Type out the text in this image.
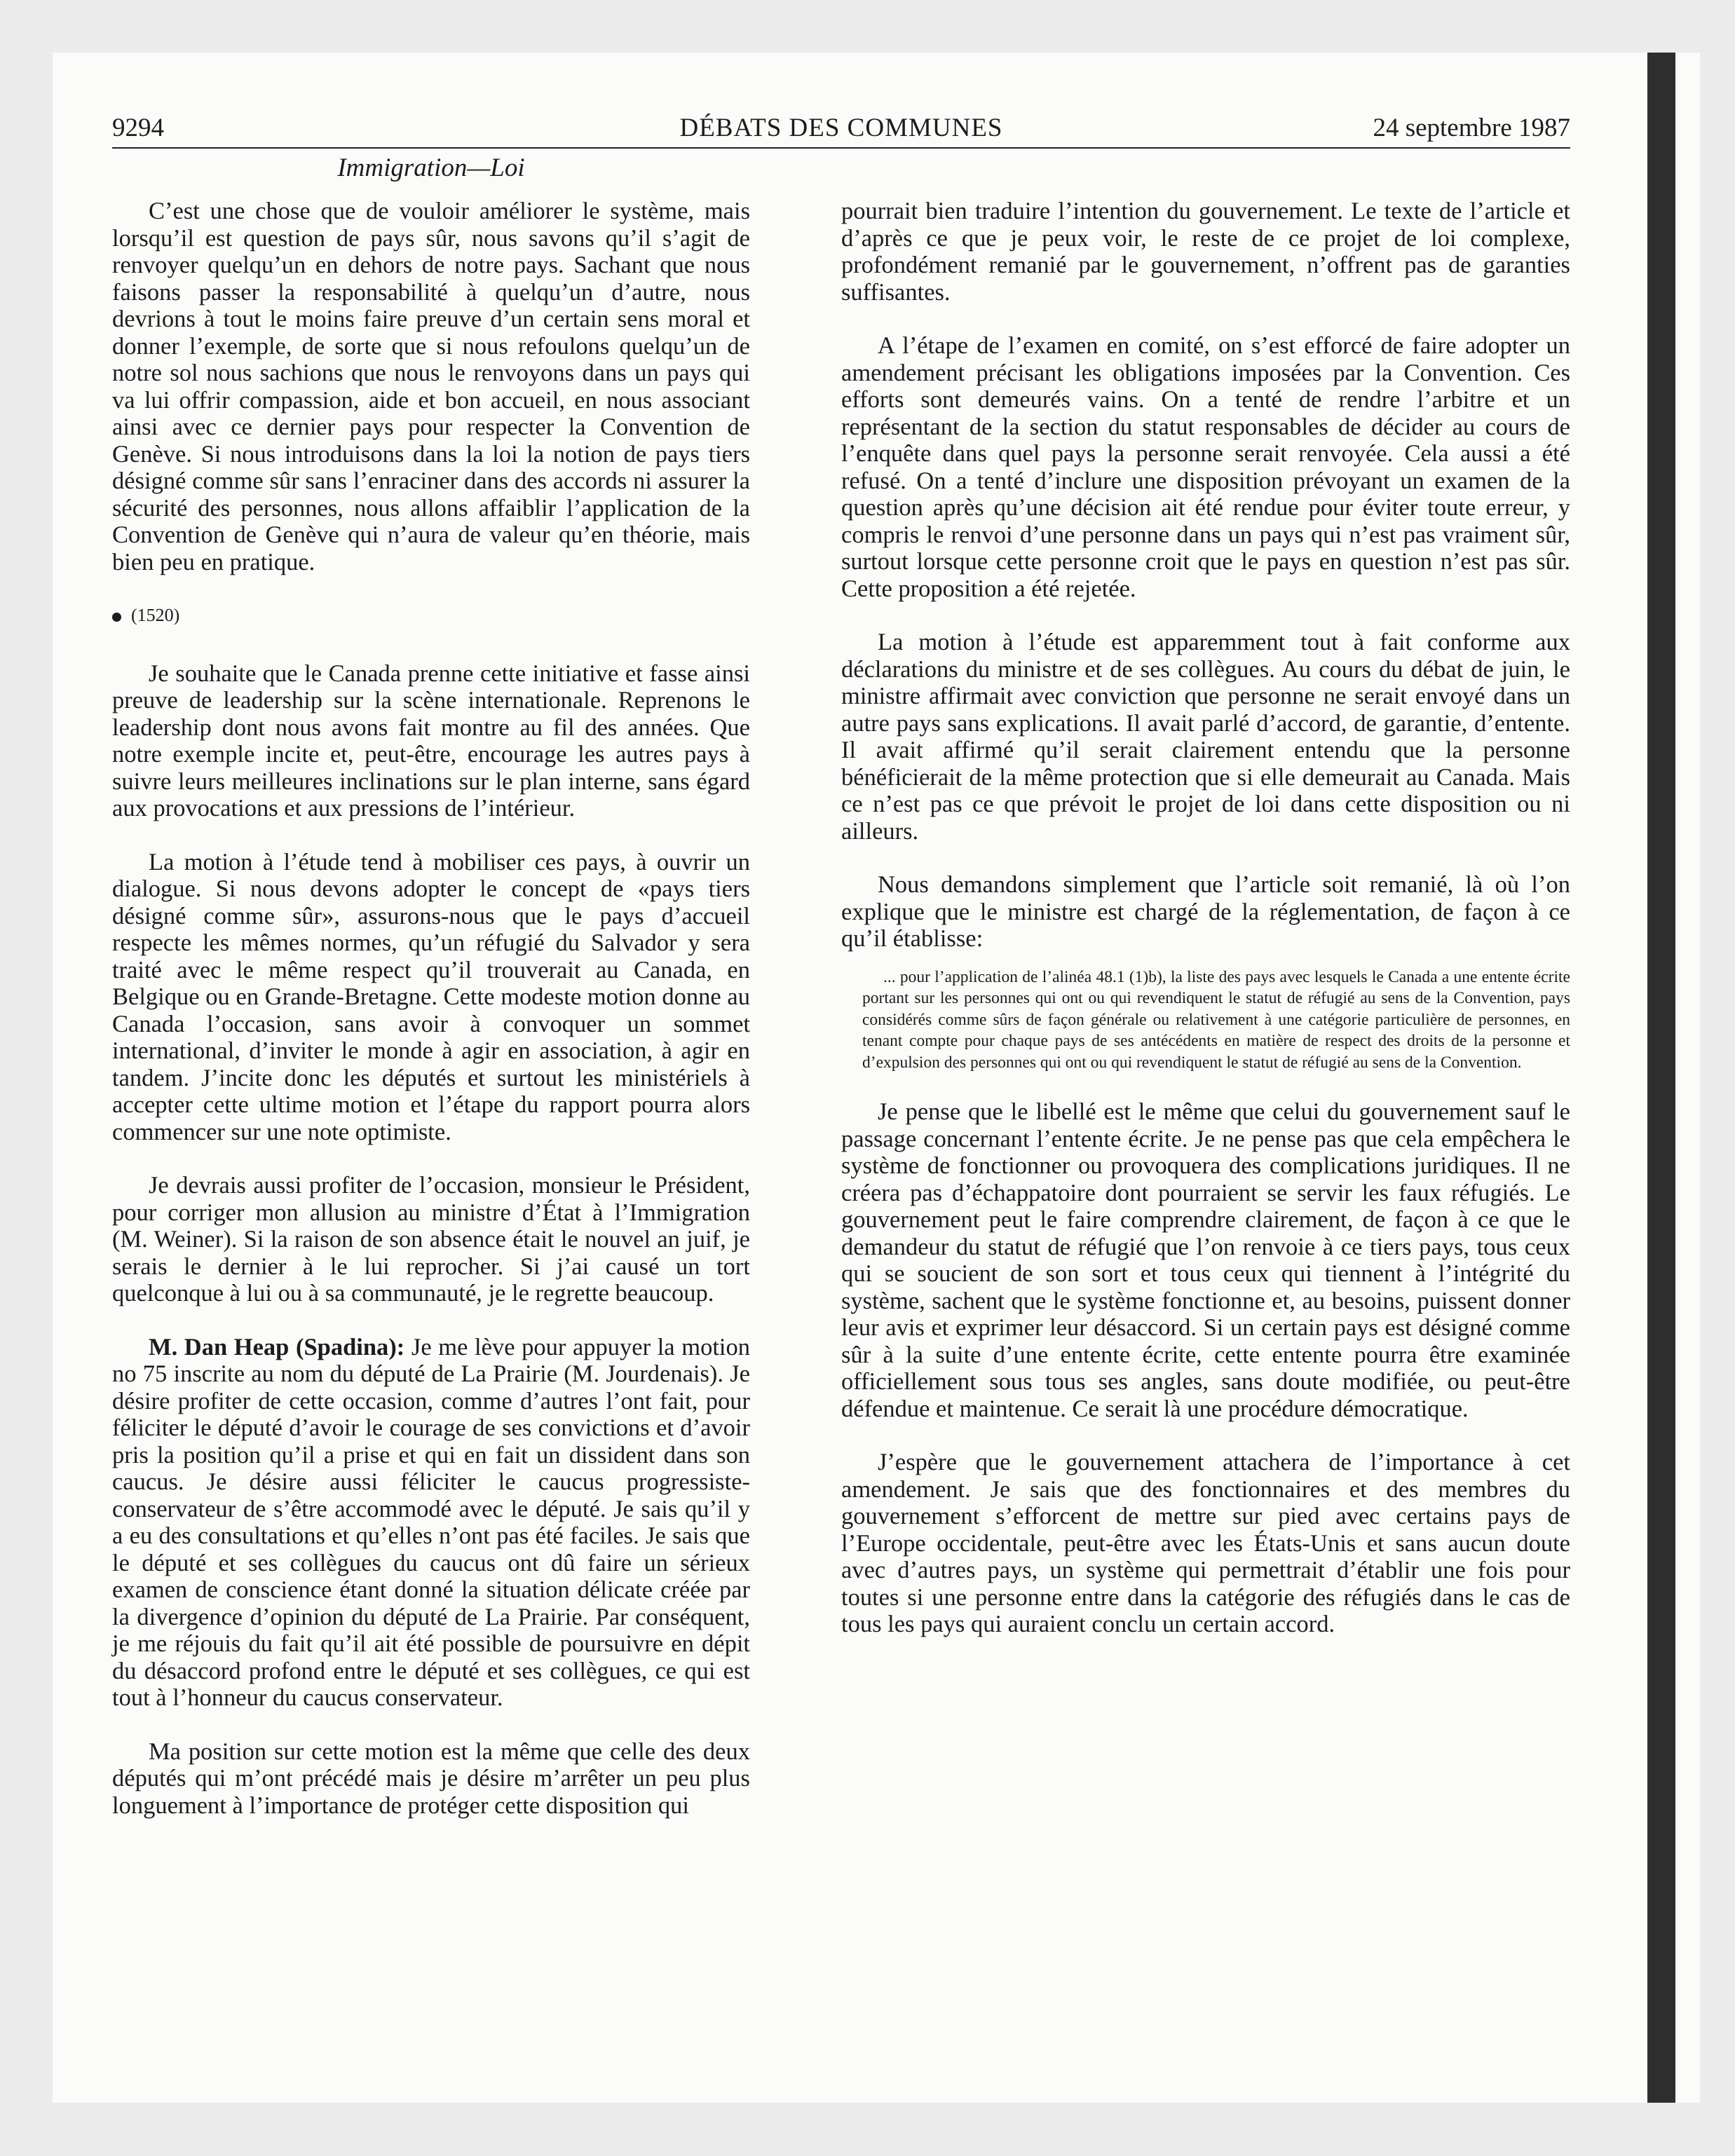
9294	DÉBATS DES COMMUNES	24 septembre 1987
Immigration—Loi

C’est une chose que de vouloir améliorer le système, mais lorsqu’il est question de pays sûr, nous savons qu’il s’agit de renvoyer quelqu’un en dehors de notre pays. Sachant que nous faisons passer la responsabilité à quelqu’un d’autre, nous devrions à tout le moins faire preuve d’un certain sens moral et donner l’exemple, de sorte que si nous refoulons quelqu’un de notre sol nous sachions que nous le renvoyons dans un pays qui va lui offrir compassion, aide et bon accueil, en nous associant ainsi avec ce dernier pays pour respecter la Convention de Genève. Si nous introduisons dans la loi la notion de pays tiers désigné comme sûr sans l’enraciner dans des accords ni assurer la sécurité des personnes, nous allons affaiblir l’application de la Convention de Genève qui n’aura de valeur qu’en théorie, mais bien peu en pratique.

(1520)

Je souhaite que le Canada prenne cette initiative et fasse ainsi preuve de leadership sur la scène internationale. Reprenons le leadership dont nous avons fait montre au fil des années. Que notre exemple incite et, peut-être, encourage les autres pays à suivre leurs meilleures inclinations sur le plan interne, sans égard aux provocations et aux pressions de l’intérieur.

La motion à l’étude tend à mobiliser ces pays, à ouvrir un dialogue. Si nous devons adopter le concept de «pays tiers désigné comme sûr», assurons-nous que le pays d’accueil respecte les mêmes normes, qu’un réfugié du Salvador y sera traité avec le même respect qu’il trouverait au Canada, en Belgique ou en Grande-Bretagne. Cette modeste motion donne au Canada l’occasion, sans avoir à convoquer un sommet international, d’inviter le monde à agir en association, à agir en tandem. J’incite donc les députés et surtout les ministériels à accepter cette ultime motion et l’étape du rapport pourra alors commencer sur une note optimiste.

Je devrais aussi profiter de l’occasion, monsieur le Président, pour corriger mon allusion au ministre d’État à l’Immigration (M. Weiner). Si la raison de son absence était le nouvel an juif, je serais le dernier à le lui reprocher. Si j’ai causé un tort quelconque à lui ou à sa communauté, je le regrette beaucoup.

M. Dan Heap (Spadina): Je me lève pour appuyer la motion no 75 inscrite au nom du député de La Prairie (M. Jourdenais). Je désire profiter de cette occasion, comme d’autres l’ont fait, pour féliciter le député d’avoir le courage de ses convictions et d’avoir pris la position qu’il a prise et qui en fait un dissident dans son caucus. Je désire aussi féliciter le caucus progressiste-conservateur de s’être accommodé avec le député. Je sais qu’il y a eu des consultations et qu’elles n’ont pas été faciles. Je sais que le député et ses collègues du caucus ont dû faire un sérieux examen de conscience étant donné la situation délicate créée par la divergence d’opinion du député de La Prairie. Par conséquent, je me réjouis du fait qu’il ait été possible de poursuivre en dépit du désaccord profond entre le député et ses collègues, ce qui est tout à l’honneur du caucus conservateur.

Ma position sur cette motion est la même que celle des deux députés qui m’ont précédé mais je désire m’arrêter un peu plus longuement à l’importance de protéger cette disposition qui

pourrait bien traduire l’intention du gouvernement. Le texte de l’article et d’après ce que je peux voir, le reste de ce projet de loi complexe, profondément remanié par le gouvernement, n’offrent pas de garanties suffisantes.

A l’étape de l’examen en comité, on s’est efforcé de faire adopter un amendement précisant les obligations imposées par la Convention. Ces efforts sont demeurés vains. On a tenté de rendre l’arbitre et un représentant de la section du statut responsables de décider au cours de l’enquête dans quel pays la personne serait renvoyée. Cela aussi a été refusé. On a tenté d’inclure une disposition prévoyant un examen de la question après qu’une décision ait été rendue pour éviter toute erreur, y compris le renvoi d’une personne dans un pays qui n’est pas vraiment sûr, surtout lorsque cette personne croit que le pays en question n’est pas sûr. Cette proposition a été rejetée.

La motion à l’étude est apparemment tout à fait conforme aux déclarations du ministre et de ses collègues. Au cours du débat de juin, le ministre affirmait avec conviction que personne ne serait envoyé dans un autre pays sans explications. Il avait parlé d’accord, de garantie, d’entente. Il avait affirmé qu’il serait clairement entendu que la personne bénéficierait de la même protection que si elle demeurait au Canada. Mais ce n’est pas ce que prévoit le projet de loi dans cette disposition ou ni ailleurs.

Nous demandons simplement que l’article soit remanié, là où l’on explique que le ministre est chargé de la réglementation, de façon à ce qu’il établisse:

... pour l’application de l’alinéa 48.1 (1)b), la liste des pays avec lesquels le Canada a une entente écrite portant sur les personnes qui ont ou qui revendiquent le statut de réfugié au sens de la Convention, pays considérés comme sûrs de façon générale ou relativement à une catégorie particulière de personnes, en tenant compte pour chaque pays de ses antécédents en matière de respect des droits de la personne et d’expulsion des personnes qui ont ou qui revendiquent le statut de réfugié au sens de la Convention.

Je pense que le libellé est le même que celui du gouvernement sauf le passage concernant l’entente écrite. Je ne pense pas que cela empêchera le système de fonctionner ou provoquera des complications juridiques. Il ne créera pas d’échappatoire dont pourraient se servir les faux réfugiés. Le gouvernement peut le faire comprendre clairement, de façon à ce que le demandeur du statut de réfugié que l’on renvoie à ce tiers pays, tous ceux qui se soucient de son sort et tous ceux qui tiennent à l’intégrité du système, sachent que le système fonctionne et, au besoins, puissent donner leur avis et exprimer leur désaccord. Si un certain pays est désigné comme sûr à la suite d’une entente écrite, cette entente pourra être examinée officiellement sous tous ses angles, sans doute modifiée, ou peut-être défendue et maintenue. Ce serait là une procédure démocratique.

J’espère que le gouvernement attachera de l’importance à cet amendement. Je sais que des fonctionnaires et des membres du gouvernement s’efforcent de mettre sur pied avec certains pays de l’Europe occidentale, peut-être avec les États-Unis et sans aucun doute avec d’autres pays, un système qui permettrait d’établir une fois pour toutes si une personne entre dans la catégorie des réfugiés dans le cas de tous les pays qui auraient conclu un certain accord.
